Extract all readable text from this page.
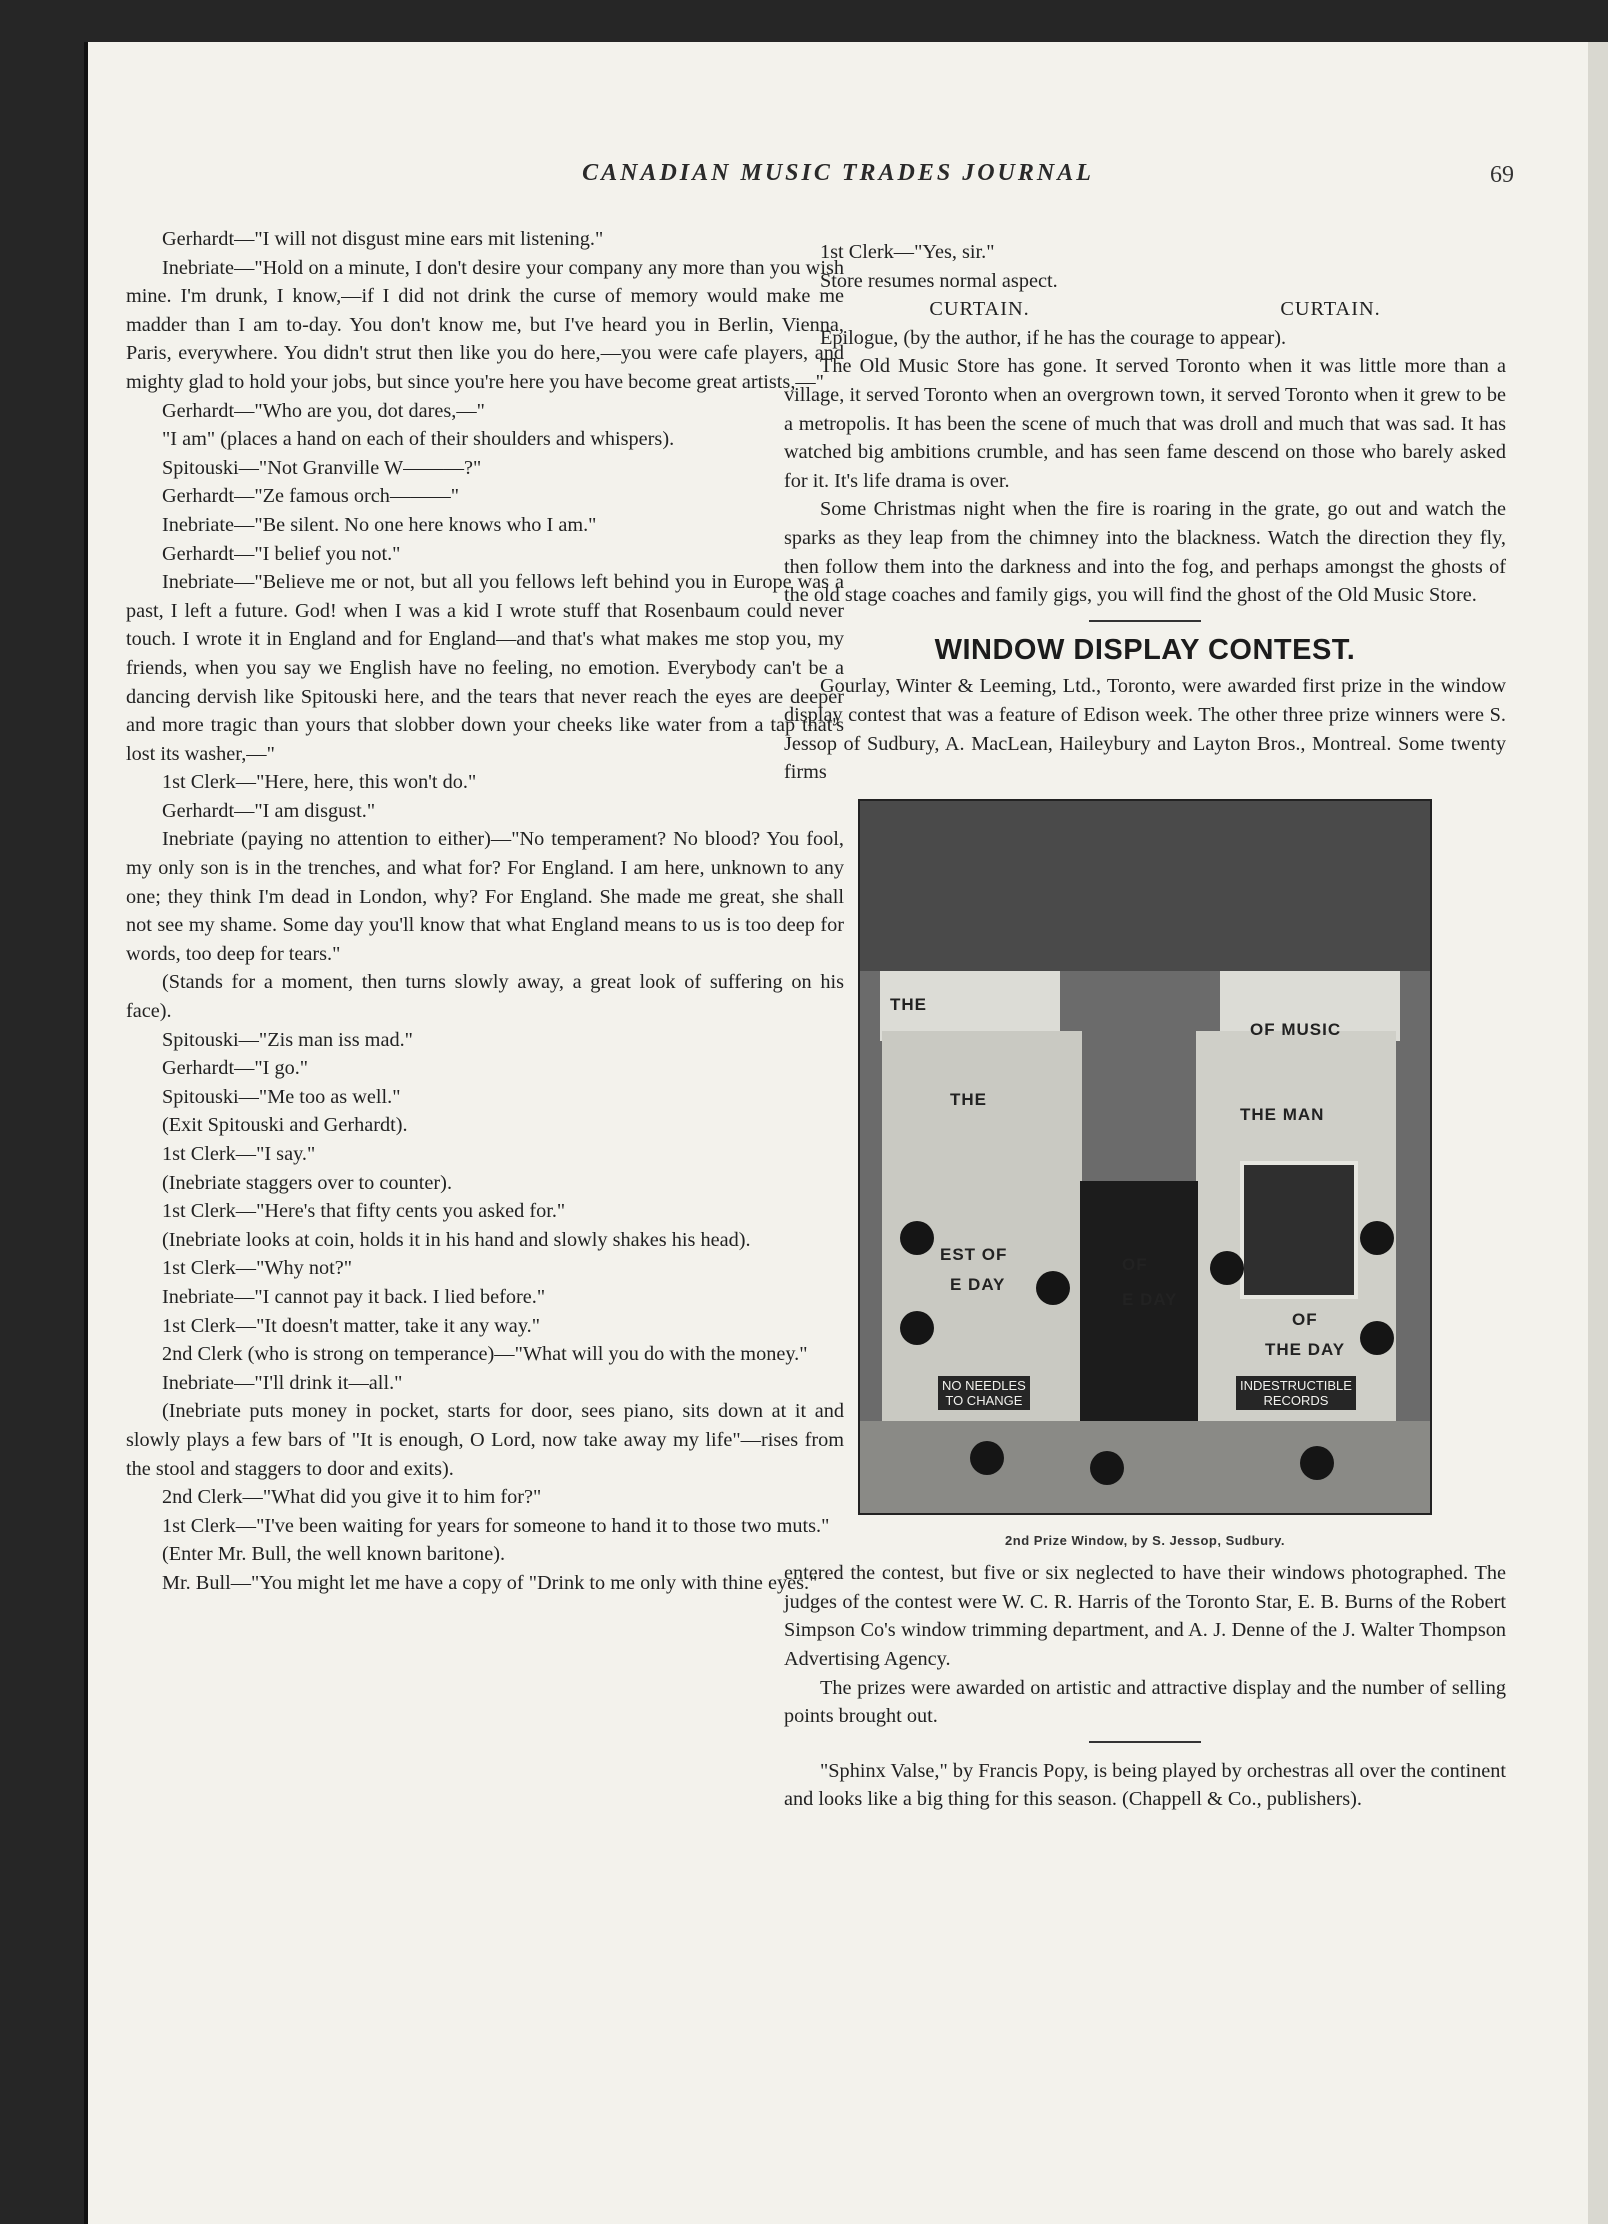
CANADIAN MUSIC TRADES JOURNAL	69

Gerhardt—"I will not disgust mine ears mit listening."

Inebriate—"Hold on a minute, I don't desire your company any more than you wish mine. I'm drunk, I know,—if I did not drink the curse of memory would make me madder than I am to-day. You don't know me, but I've heard you in Berlin, Vienna, Paris, everywhere. You didn't strut then like you do here,—you were cafe players, and mighty glad to hold your jobs, but since you're here you have become great artists,—"

Gerhardt—"Who are you, dot dares,—"

"I am" (places a hand on each of their shoulders and whispers).

Spitouski—"Not Granville W———?"

Gerhardt—"Ze famous orch———"

Inebriate—"Be silent. No one here knows who I am."

Gerhardt—"I belief you not."

Inebriate—"Believe me or not, but all you fellows left behind you in Europe was a past, I left a future. God! when I was a kid I wrote stuff that Rosenbaum could never touch. I wrote it in England and for England—and that's what makes me stop you, my friends, when you say we English have no feeling, no emotion. Everybody can't be a dancing dervish like Spitouski here, and the tears that never reach the eyes are deeper and more tragic than yours that slobber down your cheeks like water from a tap that's lost its washer,—"

1st Clerk—"Here, here, this won't do."

Gerhardt—"I am disgust."

Inebriate (paying no attention to either)—"No temperament? No blood? You fool, my only son is in the trenches, and what for? For England. I am here, unknown to any one; they think I'm dead in London, why? For England. She made me great, she shall not see my shame. Some day you'll know that what England means to us is too deep for words, too deep for tears."

(Stands for a moment, then turns slowly away, a great look of suffering on his face).

Spitouski—"Zis man iss mad."

Gerhardt—"I go."

Spitouski—"Me too as well."

(Exit Spitouski and Gerhardt).

1st Clerk—"I say."

(Inebriate staggers over to counter).

1st Clerk—"Here's that fifty cents you asked for."

(Inebriate looks at coin, holds it in his hand and slowly shakes his head).

1st Clerk—"Why not?"

Inebriate—"I cannot pay it back. I lied before."

1st Clerk—"It doesn't matter, take it any way."

2nd Clerk (who is strong on temperance)—"What will you do with the money."

Inebriate—"I'll drink it—all."

(Inebriate puts money in pocket, starts for door, sees piano, sits down at it and slowly plays a few bars of "It is enough, O Lord, now take away my life"—rises from the stool and staggers to door and exits).

2nd Clerk—"What did you give it to him for?"

1st Clerk—"I've been waiting for years for someone to hand it to those two muts."

(Enter Mr. Bull, the well known baritone).

Mr. Bull—"You might let me have a copy of "Drink to me only with thine eyes."

1st Clerk—"Yes, sir."

Store resumes normal aspect.

CURTAIN.	CURTAIN.

Epilogue, (by the author, if he has the courage to appear).

The Old Music Store has gone. It served Toronto when it was little more than a village, it served Toronto when an overgrown town, it served Toronto when it grew to be a metropolis. It has been the scene of much that was droll and much that was sad. It has watched big ambitions crumble, and has seen fame descend on those who barely asked for it. It's life drama is over.

Some Christmas night when the fire is roaring in the grate, go out and watch the sparks as they leap from the chimney into the blackness. Watch the direction they fly, then follow them into the darkness and into the fog, and perhaps amongst the ghosts of the old stage coaches and family gigs, you will find the ghost of the Old Music Store.

WINDOW DISPLAY CONTEST.

Gourlay, Winter & Leeming, Ltd., Toronto, were awarded first prize in the window display contest that was a feature of Edison week. The other three prize winners were S. Jessop of Sudbury, A. MacLean, Haileybury and Layton Bros., Montreal. Some twenty firms

OF MUSIC
THE
THE
THE MAN
EST OF
E DAY
OF
E DAY
OF
THE DAY
NO NEEDLES
TO CHANGE
INDESTRUCTIBLE
RECORDS
2nd Prize Window, by S. Jessop, Sudbury.

entered the contest, but five or six neglected to have their windows photographed. The judges of the contest were W. C. R. Harris of the Toronto Star, E. B. Burns of the Robert Simpson Co's window trimming department, and A. J. Denne of the J. Walter Thompson Advertising Agency.

The prizes were awarded on artistic and attractive display and the number of selling points brought out.

"Sphinx Valse," by Francis Popy, is being played by orchestras all over the continent and looks like a big thing for this season. (Chappell & Co., publishers).
